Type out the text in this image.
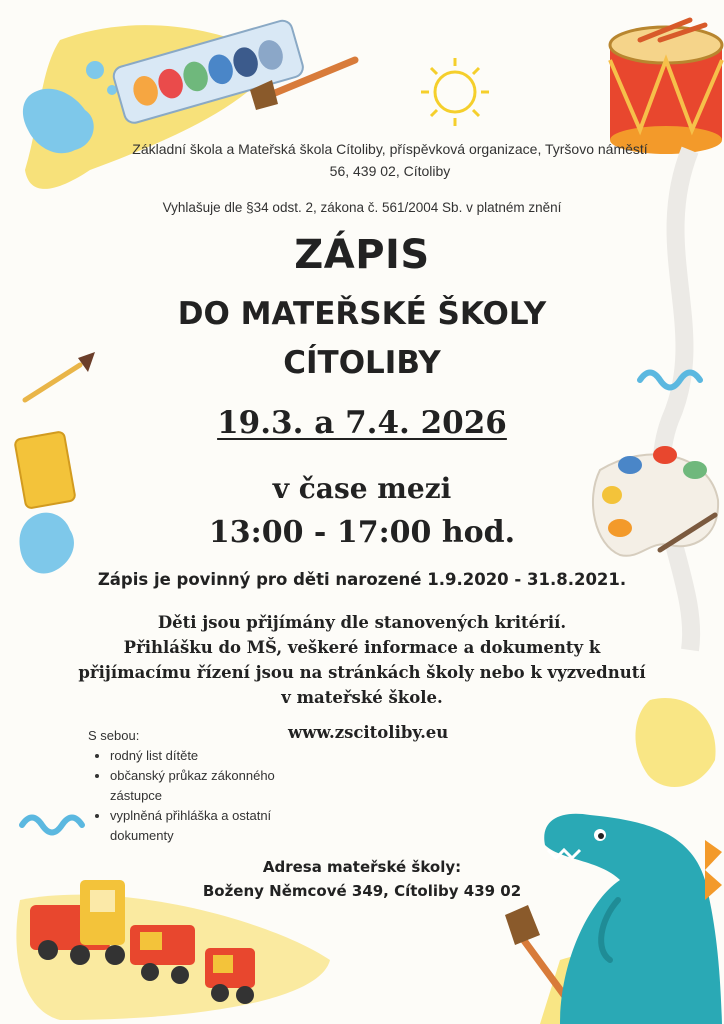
Základní škola a Mateřská škola Cítoliby, příspěvková organizace, Tyršovo náměstí 56, 439 02, Cítoliby
Vyhlašuje dle §34 odst. 2, zákona č. 561/2004 Sb. v platném znění
ZÁPIS
DO MATEŘSKÉ ŠKOLY
CÍTOLIBY
19.3. a 7.4. 2026
v čase mezi
13:00 - 17:00 hod.
Zápis je povinný pro děti narozené 1.9.2020 - 31.8.2021.
Děti jsou přijímány dle stanovených kritérií.
Přihlášku do MŠ, veškeré informace a dokumenty k
přijímacímu řízení jsou na stránkách školy nebo k vyzvednutí
v mateřské škole.
www.zscitoliby.eu
S sebou:
• rodný list dítěte
• občanský průkaz zákonného zástupce
• vyplněná přihláška a ostatní dokumenty
Adresa mateřské školy:
Boženy Němcové 349, Cítoliby 439 02
